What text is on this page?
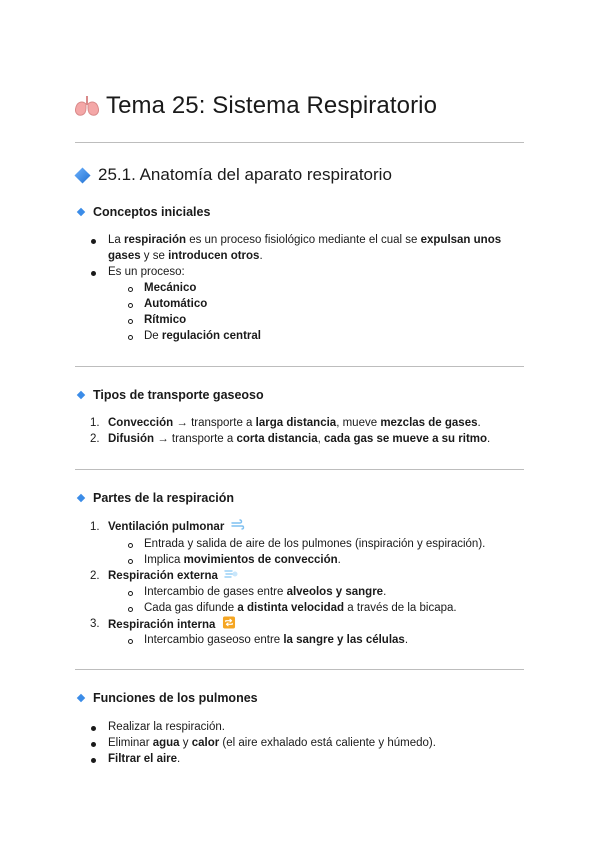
Tema 25: Sistema Respiratorio
25.1. Anatomía del aparato respiratorio
Conceptos iniciales
La respiración es un proceso fisiológico mediante el cual se expulsan unos
gases y se introducen otros.
Es un proceso:
Mecánico
Automático
Rítmico
De regulación central
Tipos de transporte gaseoso
1. Convección → transporte a larga distancia, mueve mezclas de gases.
2. Difusión → transporte a corta distancia, cada gas se mueve a su ritmo.
Partes de la respiración
1. Ventilación pulmonar
Entrada y salida de aire de los pulmones (inspiración y espiración).
Implica movimientos de convección.
2. Respiración externa
Intercambio de gases entre alveolos y sangre.
Cada gas difunde a distinta velocidad a través de la bicapa.
3. Respiración interna
Intercambio gaseoso entre la sangre y las células.
Funciones de los pulmones
Realizar la respiración.
Eliminar agua y calor (el aire exhalado está caliente y húmedo).
Filtrar el aire.
